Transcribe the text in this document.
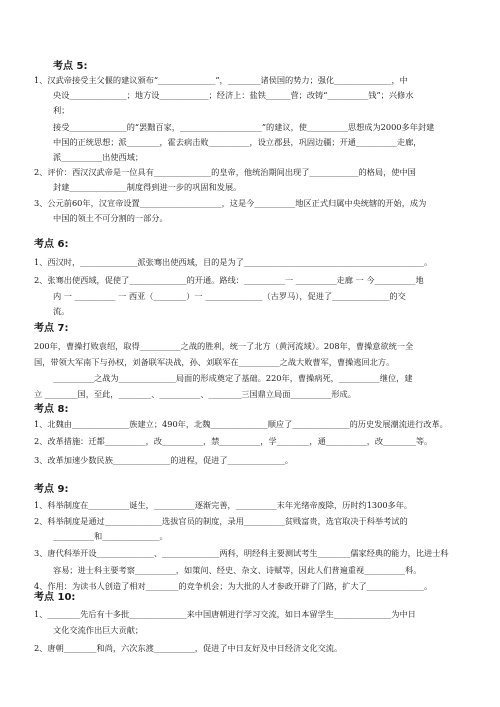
考点 5:
1、汉武帝接受主父偃的建议颁布“______________”，________诸侯国的势力；强化______________，中
央设______________；地方设____________；经济上：盐铁______营；改铸“__________钱”；兴修水
利；
接受______________的“罢黜百家，____________________”的建议，使__________思想成为2000多年封建
中国的正统思想；派________，霍去病击败__________，设立郡县，巩固边疆；开通__________走廊，
派__________出使西域；
2、评价：西汉汉武帝是一位具有______________的皇帝，他统治期间出现了____________的格局，使中国
封建______________制度得到进一步的巩固和发展。
3、公元前60年，汉宣帝设置____________________，这是今__________地区正式归属中央统辖的开始，成为
中国的领土不可分割的一部分。
考点 6:
1、西汉时，______________派张骞出使西域，目的是为了____________________________________________。
2、张骞出使西域，促使了______________的开通。路线：__________一 __________走廊 一 今__________地
内 一 __________ 一 西亚（________）一 ______________（古罗马），促进了______________的交
流。
考点 7:
200年，曹操打败袁绍，取得__________之战的胜利，统一了北方（黄河流域）。208年，曹操意欲统一全
国，带领大军南下与孙权，刘备联军决战，孙、刘联军在__________之战大败曹军，曹操逃回北方。
__________之战为______________局面的形成奠定了基础。220年，曹操病死，__________继位，建
立 ________国，至此，________、__________、________三国鼎立局面__________形成。
考点 8:
1、北魏由______________族建立；490年，北魏______________顺应了______________的历史发展潮流进行改革。
2、改革措施：迁都__________，改__________，禁__________，学________，通__________，改________等。
3、改革加速少数民族______________的进程，促进了______________。
考点 9:
1、科举制度在__________诞生，__________逐渐完善，__________末年光绪帝废除，历时约1300多年。
2、科举制度是通过______________选拔官员的制度，录用__________贫贱富贵，选官取决于科举考试的
__________和______________。
3、唐代科举开设______________、______________两科，明经科主要测试考生________儒家经典的能力，比进士科
容易；进士科主要考察__________，如策问、经史、杂文、诗赋等，因此人们普遍重视__________科。
4、作用：为读书人创造了相对________的竞争机会；为大批的人才参政开辟了门路，扩大了______________。
考点 10:
1、________先后有十多批______________来中国唐朝进行学习交流，如日本留学生______________为中日
文化交流作出巨大贡献；
2、唐朝________和尚，六次东渡__________，促进了中日友好及中日经济文化交流。
